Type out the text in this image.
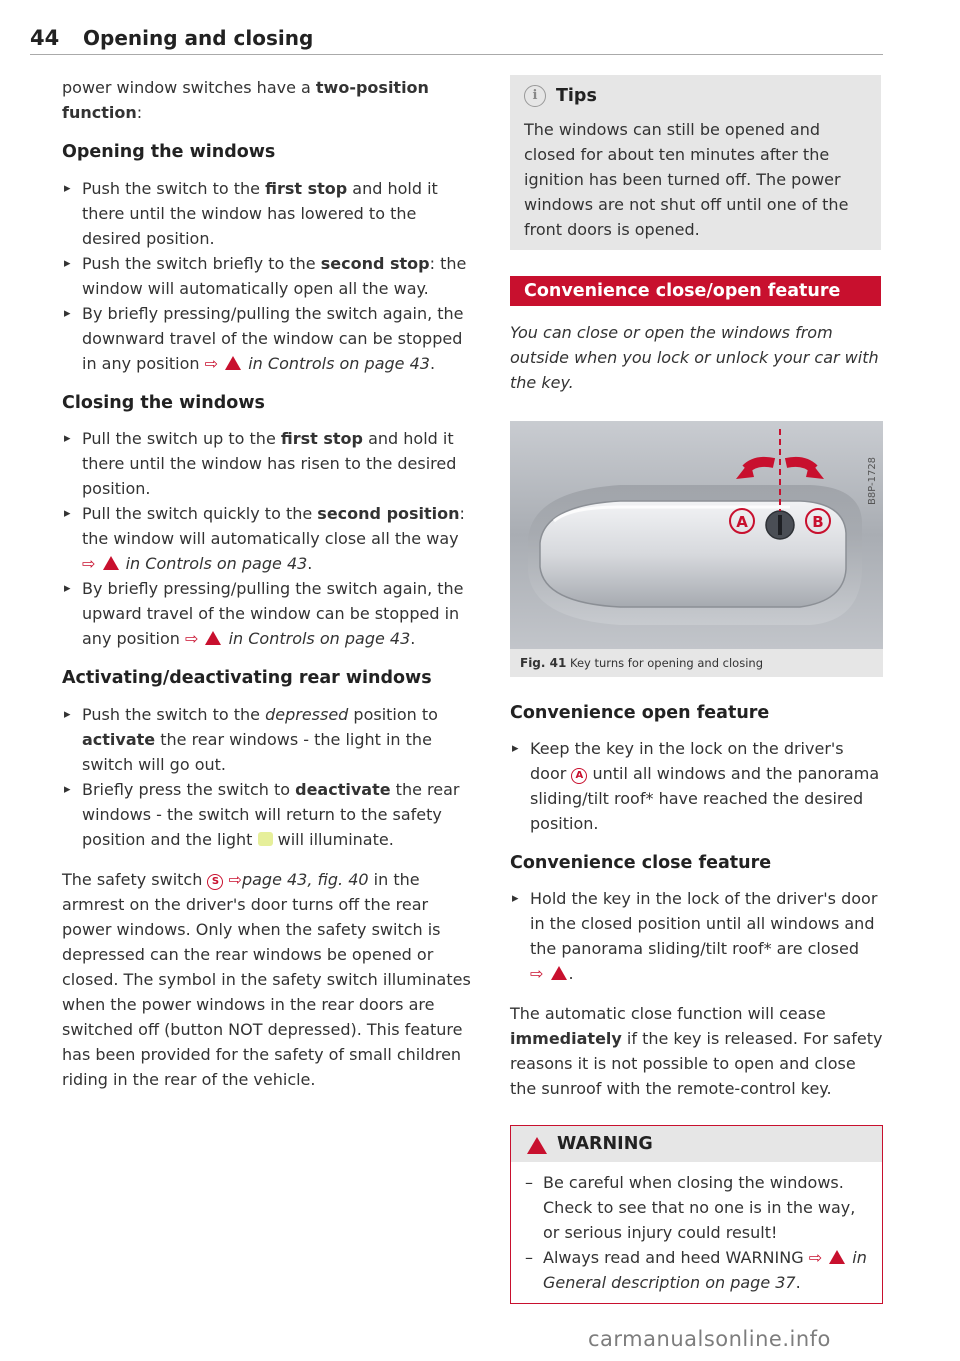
44 Opening and closing

power window switches have a two-position function:

Opening the windows
▸ Push the switch to the first stop and hold it there until the window has lowered to the desired position.
▸ Push the switch briefly to the second stop: the window will automatically open all the way.
▸ By briefly pressing/pulling the switch again, the downward travel of the window can be stopped in any position ⇨ in Controls on page 43.
Closing the windows
▸ Pull the switch up to the first stop and hold it there until the window has risen to the desired position.
▸ Pull the switch quickly to the second position: the window will automatically close all the way ⇨ in Controls on page 43.
▸ By briefly pressing/pulling the switch again, the upward travel of the window can be stopped in any position ⇨ in Controls on page 43.
Activating/deactivating rear windows
▸ Push the switch to the depressed position to activate the rear windows - the light in the switch will go out.
▸ Briefly press the switch to deactivate the rear windows - the switch will return to the safety position and the light  will illuminate.

The safety switch S ⇨page 43, fig. 40 in the armrest on the driver's door turns off the rear power windows. Only when the safety switch is depressed can the rear windows be opened or closed. The symbol in the safety switch illuminates when the power windows in the rear doors are switched off (button NOT depressed). This feature has been provided for the safety of small children riding in the rear of the vehicle.

i	Tips

The windows can still be opened and closed for about ten minutes after the ignition has been turned off. The power windows are not shut off until one of the front doors is opened.

Convenience close/open feature

You can close or open the windows from outside when you lock or unlock your car with the key.

A	B
B8P-1728
Fig. 41 Key turns for opening and closing
Convenience open feature
▸ Keep the key in the lock on the driver's door A until all windows and the panorama sliding/tilt roof* have reached the desired position.
Convenience close feature
▸ Hold the key in the lock of the driver's door in the closed position until all windows and the panorama sliding/tilt roof* are closed
⇨ .

The automatic close function will cease immediately if the key is released. For safety reasons it is not possible to open and close the sunroof with the remote-control key.

WARNING
– Be careful when closing the windows. Check to see that no one is in the way, or serious injury could result!
– Always read and heed WARNING ⇨ in General description on page 37.
carmanualsonline.info
